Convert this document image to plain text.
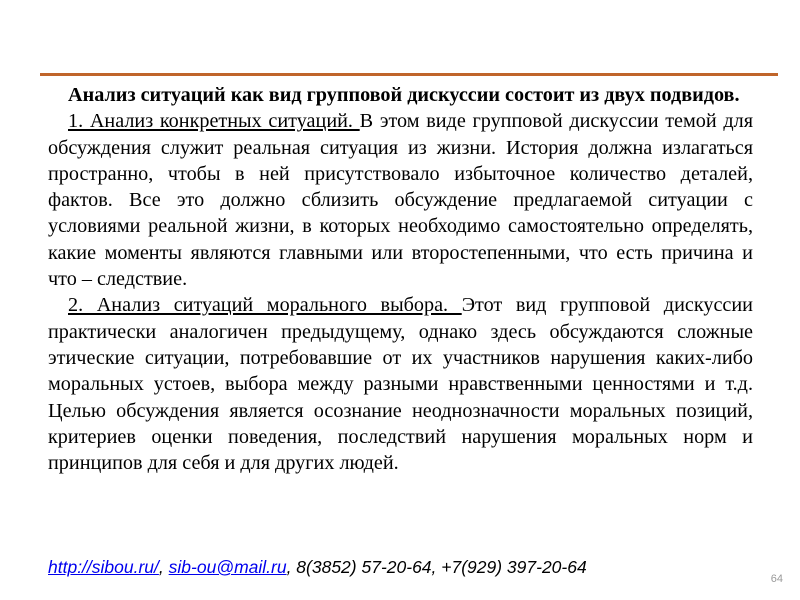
Анализ ситуаций как вид групповой дискуссии состоит из двух подвидов.

1. Анализ конкретных ситуаций. В этом виде групповой дискуссии темой для обсуждения служит реальная ситуация из жизни. История должна излагаться пространно, чтобы в ней присутствовало избыточное количество деталей, фактов. Все это должно сблизить обсуждение предлагаемой ситуации с условиями реальной жизни, в которых необходимо самостоятельно определять, какие моменты являются главными или второстепенными, что есть причина и что – следствие.

2. Анализ ситуаций морального выбора. Этот вид групповой дискуссии практически аналогичен предыдущему, однако здесь обсуждаются сложные этические ситуации, потребовавшие от их участников нарушения каких-либо моральных устоев, выбора между разными нравственными ценностями и т.д. Целью обсуждения является осознание неоднозначности моральных позиций, критериев оценки поведения, последствий нарушения моральных норм и принципов для себя и для других людей.

http://sibou.ru/, sib-ou@mail.ru, 8(3852) 57-20-64, +7(929) 397-20-64
64
